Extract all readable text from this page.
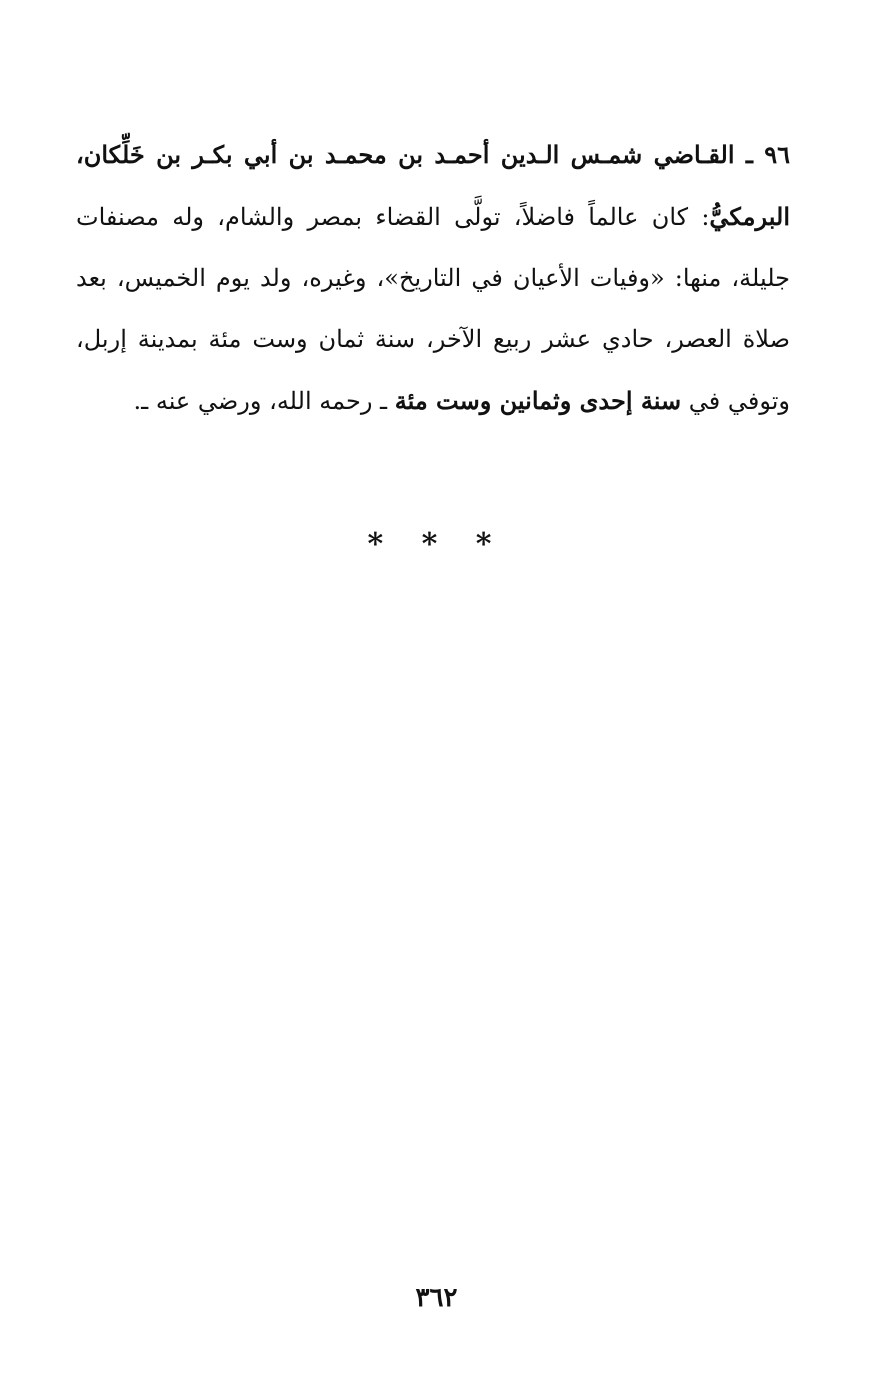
٩٦ ـ القـاضي شمـس الـدين أحمـد بن محمـد بن أبي بكـر بن خَلِّكان، البرمكيُّ: كان عالماً فاضلاً، تولَّى القضاء بمصر والشام، وله مصنفات جليلة، منها: «وفيات الأعيان في التاريخ»، وغيره، ولد يوم الخميس، بعد صلاة العصر، حادي عشر ربيع الآخر، سنة ثمان وست مئة بمدينة إربل، وتوفي في سنة إحدى وثمانين وست مئة ـ رحمه الله، ورضي عنه ـ.

* * *
٣٦٢
